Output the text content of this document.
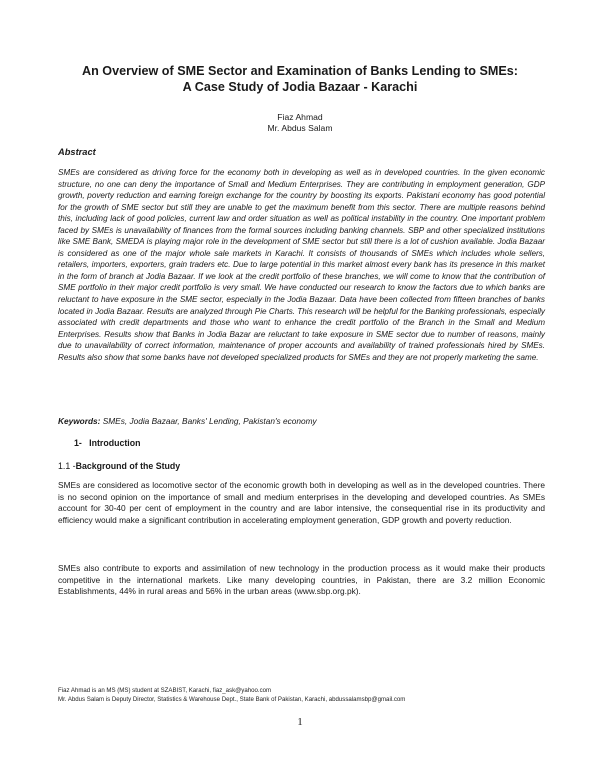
An Overview of SME Sector and Examination of Banks Lending to SMEs:
A Case Study of Jodia Bazaar - Karachi
Fiaz Ahmad
Mr. Abdus Salam
Abstract

SMEs are considered as driving force for the economy both in developing as well as in developed countries. In the given economic structure, no one can deny the importance of Small and Medium Enterprises. They are contributing in employment generation, GDP growth, poverty reduction and earning foreign exchange for the country by boosting its exports. Pakistani economy has good potential for the growth of SME sector but still they are unable to get the maximum benefit from this sector. There are multiple reasons behind this, including lack of good policies, current law and order situation as well as political instability in the country. One important problem faced by SMEs is unavailability of finances from the formal sources including banking channels. SBP and other specialized institutions like SME Bank, SMEDA is playing major role in the development of SME sector but still there is a lot of cushion available. Jodia Bazaar is considered as one of the major whole sale markets in Karachi. It consists of thousands of SMEs which includes whole sellers, retailers, importers, exporters, grain traders etc. Due to large potential in this market almost every bank has its presence in this market in the form of branch at Jodia Bazaar. If we look at the credit portfolio of these branches, we will come to know that the contribution of SME portfolio in their major credit portfolio is very small. We have conducted our research to know the factors due to which banks are reluctant to have exposure in the SME sector, especially in the Jodia Bazaar. Data have been collected from fifteen branches of banks located in Jodia Bazaar. Results are analyzed through Pie Charts. This research will be helpful for the Banking professionals, especially associated with credit departments and those who want to enhance the credit portfolio of the Branch in the Small and Medium Enterprises. Results show that Banks in Jodia Bazar are reluctant to take exposure in SME sector due to number of reasons, mainly due to unavailability of correct information, maintenance of proper accounts and availability of trained professionals hired by SMEs. Results also show that some banks have not developed specialized products for SMEs and they are not properly marketing the same.

Keywords: SMEs, Jodia Bazaar, Banks' Lending, Pakistan's economy
1- Introduction
1.1 -Background of the Study

SMEs are considered as locomotive sector of the economic growth both in developing as well as in the developed countries. There is no second opinion on the importance of small and medium enterprises in the developing and developed countries. As SMEs account for 30-40 per cent of employment in the country and are labor intensive, the consequential rise in its productivity and efficiency would make a significant contribution in accelerating employment generation, GDP growth and poverty reduction.

SMEs also contribute to exports and assimilation of new technology in the production process as it would make their products competitive in the international markets. Like many developing countries, in Pakistan, there are 3.2 million Economic Establishments, 44% in rural areas and 56% in the urban areas (www.sbp.org.pk).

Fiaz Ahmad is an MS (MS) student at SZABIST, Karachi, fiaz_ask@yahoo.com
Mr. Abdus Salam is Deputy Director, Statistics & Warehouse Dept., State Bank of Pakistan, Karachi, abdussalamsbp@gmail.com
1
